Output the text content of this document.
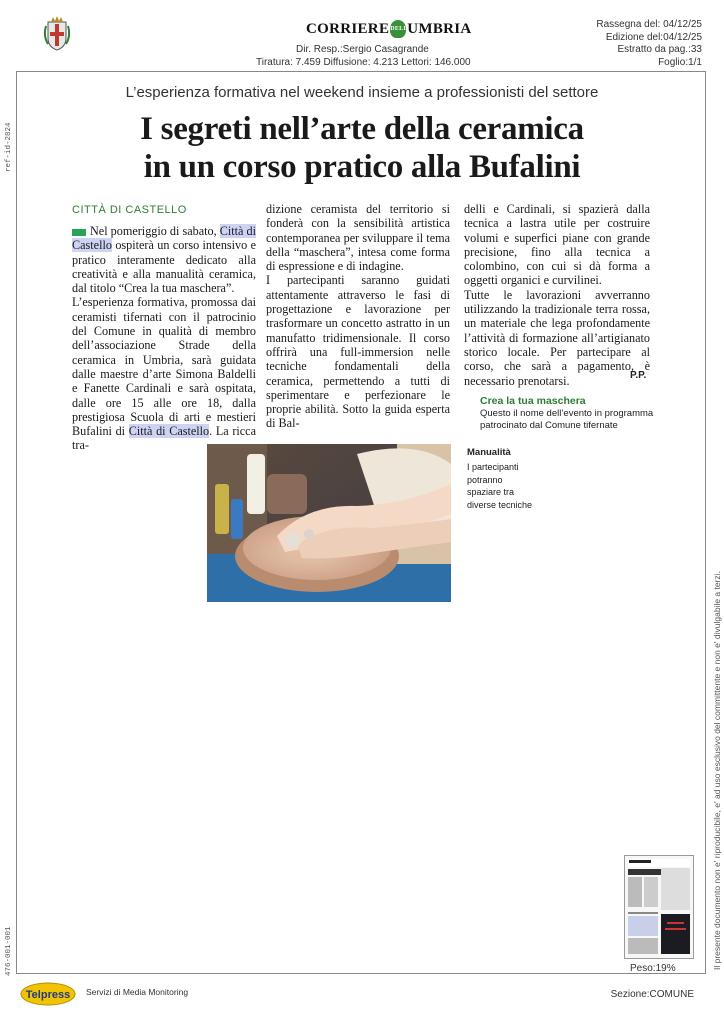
CORRIERE DELL'
UMBRIA
Dir. Resp.:Sergio Casagrande
Tiratura: 7.459 Diffusione: 4.213 Lettori: 146.000
Rassegna del: 04/12/25
Edizione del:04/12/25
Estratto da pag.:33
Foglio:1/1
L’esperienza formativa nel weekend insieme a professionisti del settore
I segreti nell’arte della ceramica
in un corso pratico alla Bufalini
CITTÀ DI CASTELLO

Nel pomeriggio di sabato, Città di Castello ospiterà un corso intensivo e pratico interamente dedicato alla creatività e alla manualità ceramica, dal titolo “Crea la tua maschera”.

L’esperienza formativa, promossa dai ceramisti tifernati con il patrocinio del Comune in qualità di membro dell’associazione Strade della ceramica in Umbria, sarà guidata dalle maestre d’arte Simona Baldelli e Fanette Cardinali e sarà ospitata, dalle ore 15 alle ore 18, dalla prestigiosa Scuola di arti e mestieri Bufalini di Città di Castello. La ricca tra-

dizione ceramista del territorio si fonderà con la sensibilità artistica contemporanea per sviluppare il tema della “maschera”, intesa come forma di espressione e di indagine.

I partecipanti saranno guidati attentamente attraverso le fasi di progettazione e lavorazione per trasformare un concetto astratto in un manufatto tridimensionale. Il corso offrirà una full-immersion nelle tecniche fondamentali della ceramica, permettendo a tutti di sperimentare e perfezionare le proprie abilità. Sotto la guida esperta di Bal-

delli e Cardinali, si spazierà dalla tecnica a lastra utile per costruire volumi e superfici piane con grande precisione, fino alla tecnica a colombino, con cui si dà forma a oggetti organici e curvilinei.

Tutte le lavorazioni avverranno utilizzando la tradizionale terra rossa, un materiale che lega profondamente l’attività di formazione all’artigianato storico locale. Per partecipare al corso, che sarà a pagamento, è necessario prenotarsi.	P.P.
Crea la tua maschera
Questo il nome dell’evento in programma patrocinato dal Comune tifernate
Manualità
I partecipanti potranno spaziare tra diverse tecniche
ref-id-2824
476-001-001	Il presente documento non e' riproducibile, e' ad uso esclusivo del committente e non e' divulgabile a terzi.
Peso:19%
Telpress Servizi di Media Monitoring	Sezione:COMUNE
